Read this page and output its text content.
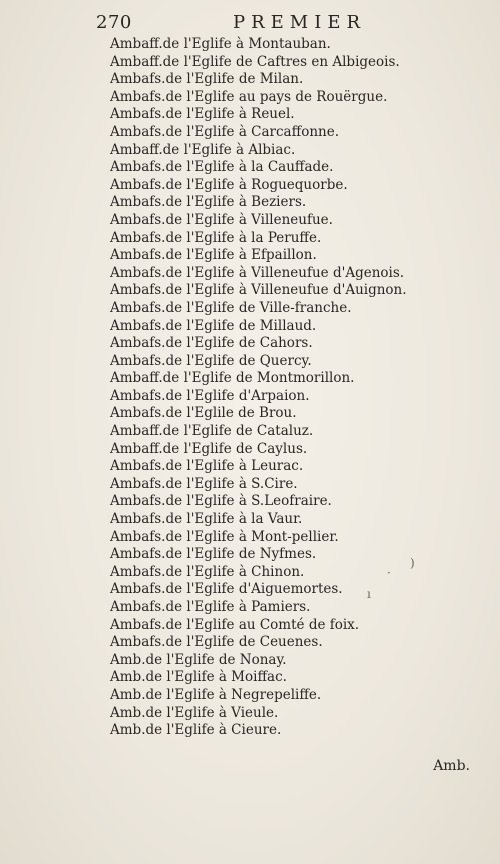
270	PREMIER
Ambaff.de l'Eglife à Montauban.
Ambaff.de l'Eglife de Caftres en Albigeois.
Ambafs.de l'Eglife de Milan.
Ambafs.de l'Eglife au pays de Rouërgue.
Ambafs.de l'Eglife à Reuel.
Ambafs.de l'Eglife à Carcaffonne.
Ambaff.de l'Eglife à Albiac.
Ambafs.de l'Eglife à la Cauffade.
Ambafs.de l'Eglife à Roguequorbe.
Ambafs.de l'Eglife à Beziers.
Ambafs.de l'Eglife à Villeneufue.
Ambafs.de l'Eglife à la Peruffe.
Ambafs.de l'Eglife à Efpaillon.
Ambafs.de l'Eglife à Villeneufue d'Agenois.
Ambafs.de l'Eglife à Villeneufue d'Auignon.
Ambafs.de l'Eglife de Ville-franche.
Ambafs.de l'Eglife de Millaud.
Ambafs.de l'Eglife de Cahors.
Ambafs.de l'Eglife de Quercy.
Ambaff.de l'Eglife de Montmorillon.
Ambafs.de l'Eglife d'Arpaion.
Ambafs.de l'Eglile de Brou.
Ambaff.de l'Eglife de Cataluz.
Ambaff.de l'Eglife de Caylus.
Ambafs.de l'Eglife à Leurac.
Ambafs.de l'Eglife à S.Cire.
Ambafs.de l'Eglife à S.Leofraire.
Ambafs.de l'Eglife à la Vaur.
Ambafs.de l'Eglife à Mont-pellier.
Ambafs.de l'Eglife de Nyfmes.
Ambafs.de l'Eglife à Chinon.
Ambafs.de l'Eglife d'Aiguemortes.
Ambafs.de l'Eglife à Pamiers.
Ambafs.de l'Eglife au Comté de foix.
Ambafs.de l'Eglife de Ceuenes.
Amb.de l'Eglife de Nonay.
Amb.de l'Eglife à Moiffac.
Amb.de l'Eglife à Negrepeliffe.
Amb.de l'Eglife à Vieule.
Amb.de l'Eglife à Cieure.
Amb.
·
)
ı
